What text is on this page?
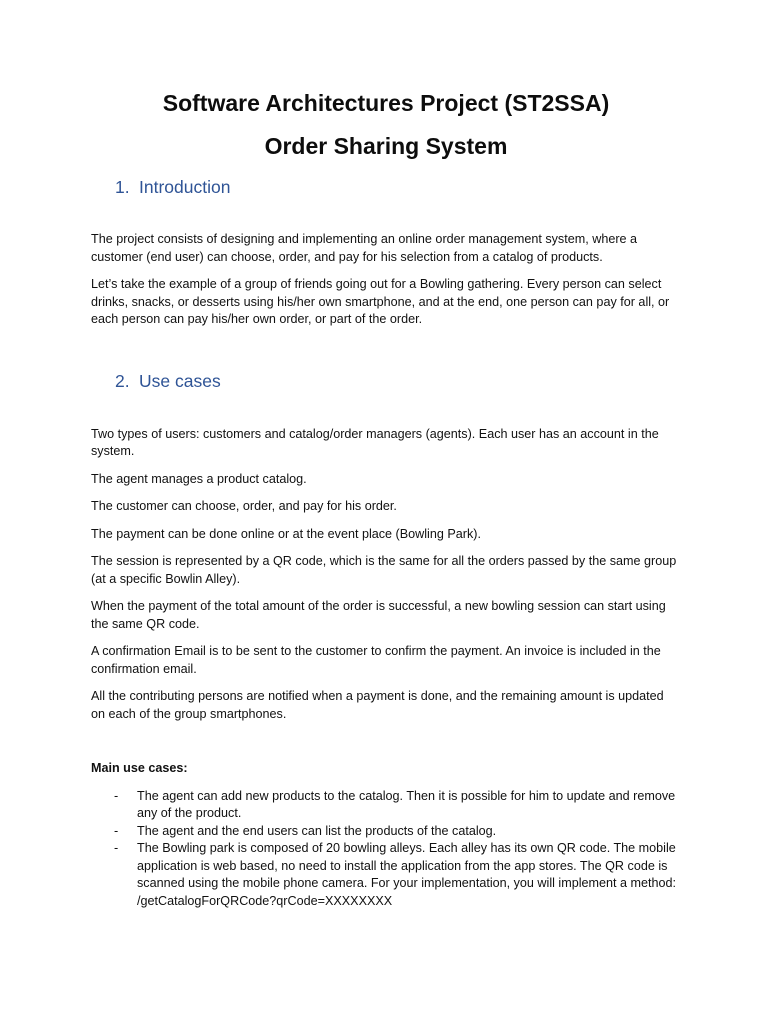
Software Architectures Project (ST2SSA)
Order Sharing System
1. Introduction

The project consists of designing and implementing an online order management system, where a customer (end user) can choose, order, and pay for his selection from a catalog of products.

Let’s take the example of a group of friends going out for a Bowling gathering. Every person can select drinks, snacks, or desserts using his/her own smartphone, and at the end, one person can pay for all, or each person can pay his/her own order, or part of the order.

2. Use cases

Two types of users: customers and catalog/order managers (agents). Each user has an account in the system.

The agent manages a product catalog.

The customer can choose, order, and pay for his order.

The payment can be done online or at the event place (Bowling Park).

The session is represented by a QR code, which is the same for all the orders passed by the same group (at a specific Bowlin Alley).

When the payment of the total amount of the order is successful, a new bowling session can start using the same QR code.

A confirmation Email is to be sent to the customer to confirm the payment. An invoice is included in the confirmation email.

All the contributing persons are notified when a payment is done, and the remaining amount is updated on each of the group smartphones.

Main use cases:

- The agent can add new products to the catalog. Then it is possible for him to update and remove any of the product.
- The agent and the end users can list the products of the catalog.
- The Bowling park is composed of 20 bowling alleys. Each alley has its own QR code. The mobile application is web based, no need to install the application from the app stores. The QR code is scanned using the mobile phone camera. For your implementation, you will implement a method: /getCatalogForQRCode?qrCode=XXXXXXXX
